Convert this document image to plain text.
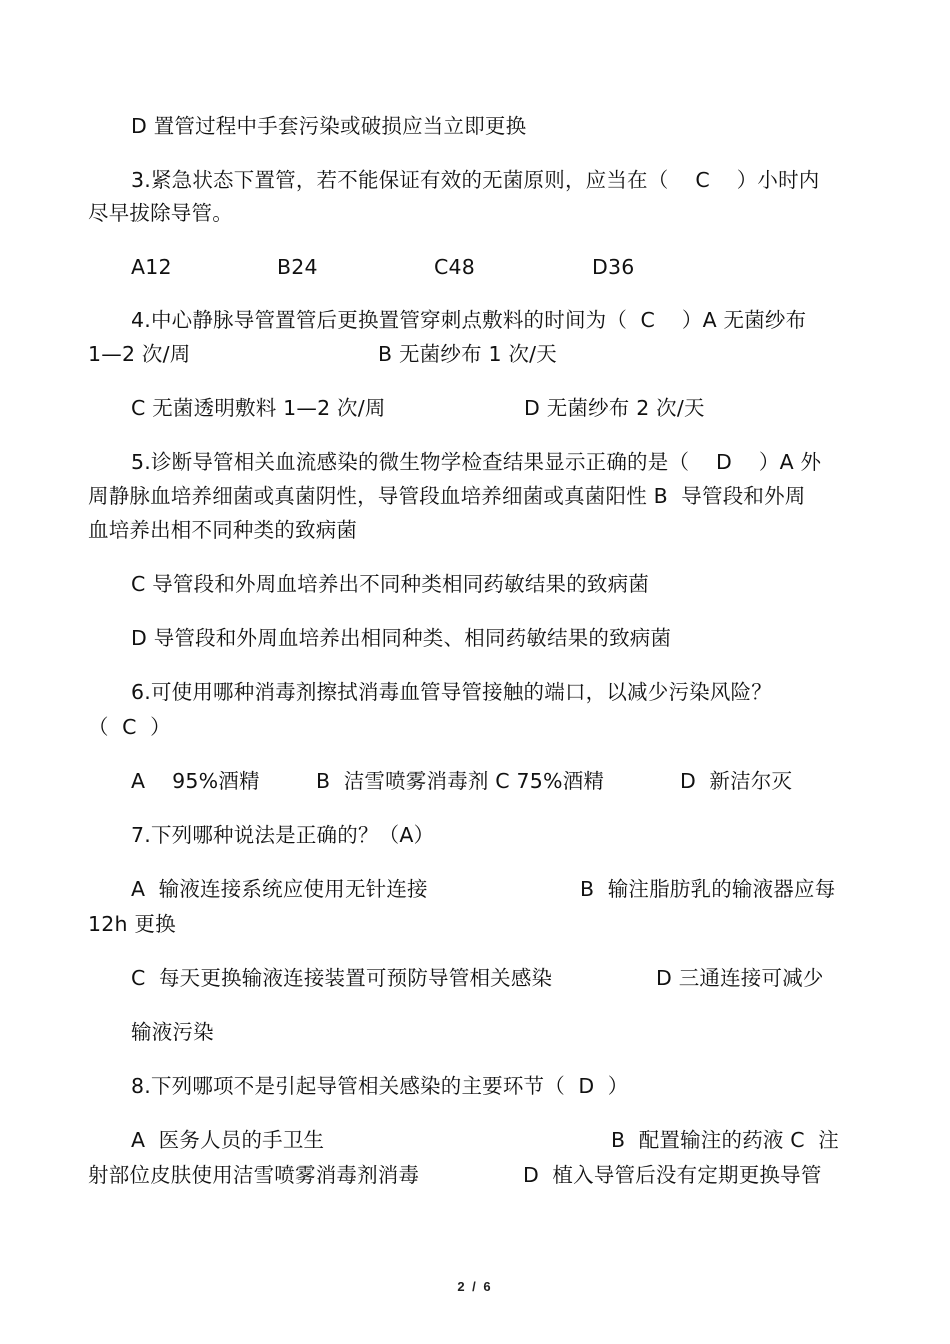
D 置管过程中手套污染或破损应当立即更换
3.紧急状态下置管，若不能保证有效的无菌原则，应当在（    C    ）小时内
尽早拔除导管。
A12	B24	C48	D36
4.中心静脉导管置管后更换置管穿刺点敷料的时间为（  C    ）A 无菌纱布
1—2 次/周	B 无菌纱布 1 次/天
C 无菌透明敷料 1—2 次/周	D 无菌纱布 2 次/天
5.诊断导管相关血流感染的微生物学检查结果显示正确的是（    D    ）A 外
周静脉血培养细菌或真菌阴性，导管段血培养细菌或真菌阳性 B  导管段和外周
血培养出相不同种类的致病菌
C 导管段和外周血培养出不同种类相同药敏结果的致病菌
D 导管段和外周血培养出相同种类、相同药敏结果的致病菌
6.可使用哪种消毒剂擦拭消毒血管导管接触的端口，以减少污染风险？
（  C  ）
A    95%酒精	B  洁雪喷雾消毒剂 C 75%酒精	D  新洁尔灭
7.下列哪种说法是正确的？（A）
A  输液连接系统应使用无针连接	B  输注脂肪乳的输液器应每
12h 更换
C  每天更换输液连接装置可预防导管相关感染	D 三通连接可减少
输液污染
8.下列哪项不是引起导管相关感染的主要环节（  D  ）
A  医务人员的手卫生	B  配置输注的药液 C  注
射部位皮肤使用洁雪喷雾消毒剂消毒	D  植入导管后没有定期更换导管
2 / 6
